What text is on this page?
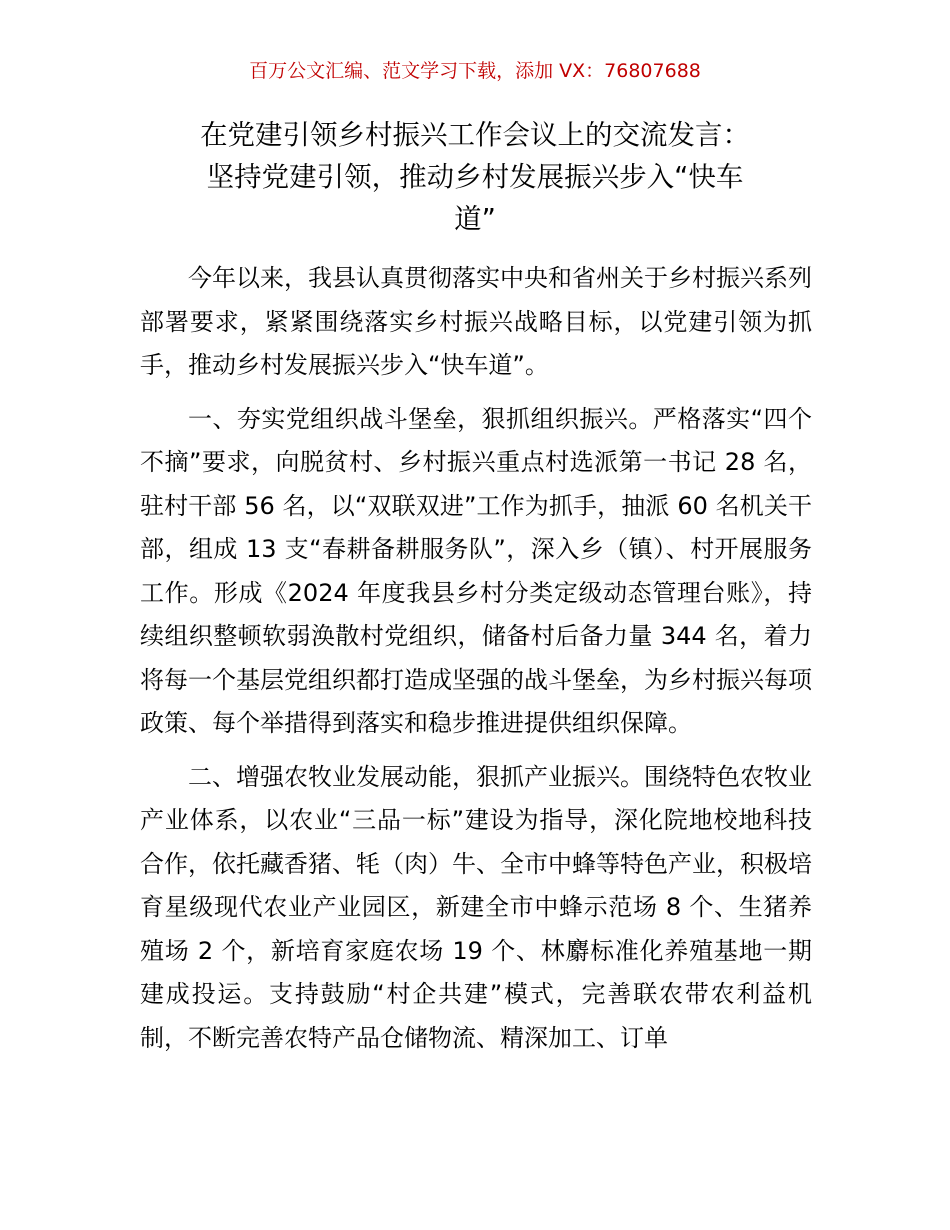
百万公文汇编、范文学习下载，添加 VX：76807688
在党建引领乡村振兴工作会议上的交流发言：
坚持党建引领，推动乡村发展振兴步入“快车
道”

今年以来，我县认真贯彻落实中央和省州关于乡村振兴系列部署要求，紧紧围绕落实乡村振兴战略目标，以党建引领为抓手，推动乡村发展振兴步入“快车道”。

一、夯实党组织战斗堡垒，狠抓组织振兴。严格落实“四个不摘”要求，向脱贫村、乡村振兴重点村选派第一书记 28 名，驻村干部 56 名，以“双联双进”工作为抓手，抽派 60 名机关干部，组成 13 支“春耕备耕服务队”，深入乡（镇）、村开展服务工作。形成《2024 年度我县乡村分类定级动态管理台账》，持续组织整顿软弱涣散村党组织，储备村后备力量 344 名，着力将每一个基层党组织都打造成坚强的战斗堡垒，为乡村振兴每项政策、每个举措得到落实和稳步推进提供组织保障。

二、增强农牧业发展动能，狠抓产业振兴。围绕特色农牧业产业体系，以农业“三品一标”建设为指导，深化院地校地科技合作，依托藏香猪、牦（肉）牛、全市中蜂等特色产业，积极培育星级现代农业产业园区，新建全市中蜂示范场 8 个、生猪养殖场 2 个，新培育家庭农场 19 个、林麝标准化养殖基地一期建成投运。支持鼓励“村企共建”模式，完善联农带农利益机制，不断完善农特产品仓储物流、精深加工、订单
